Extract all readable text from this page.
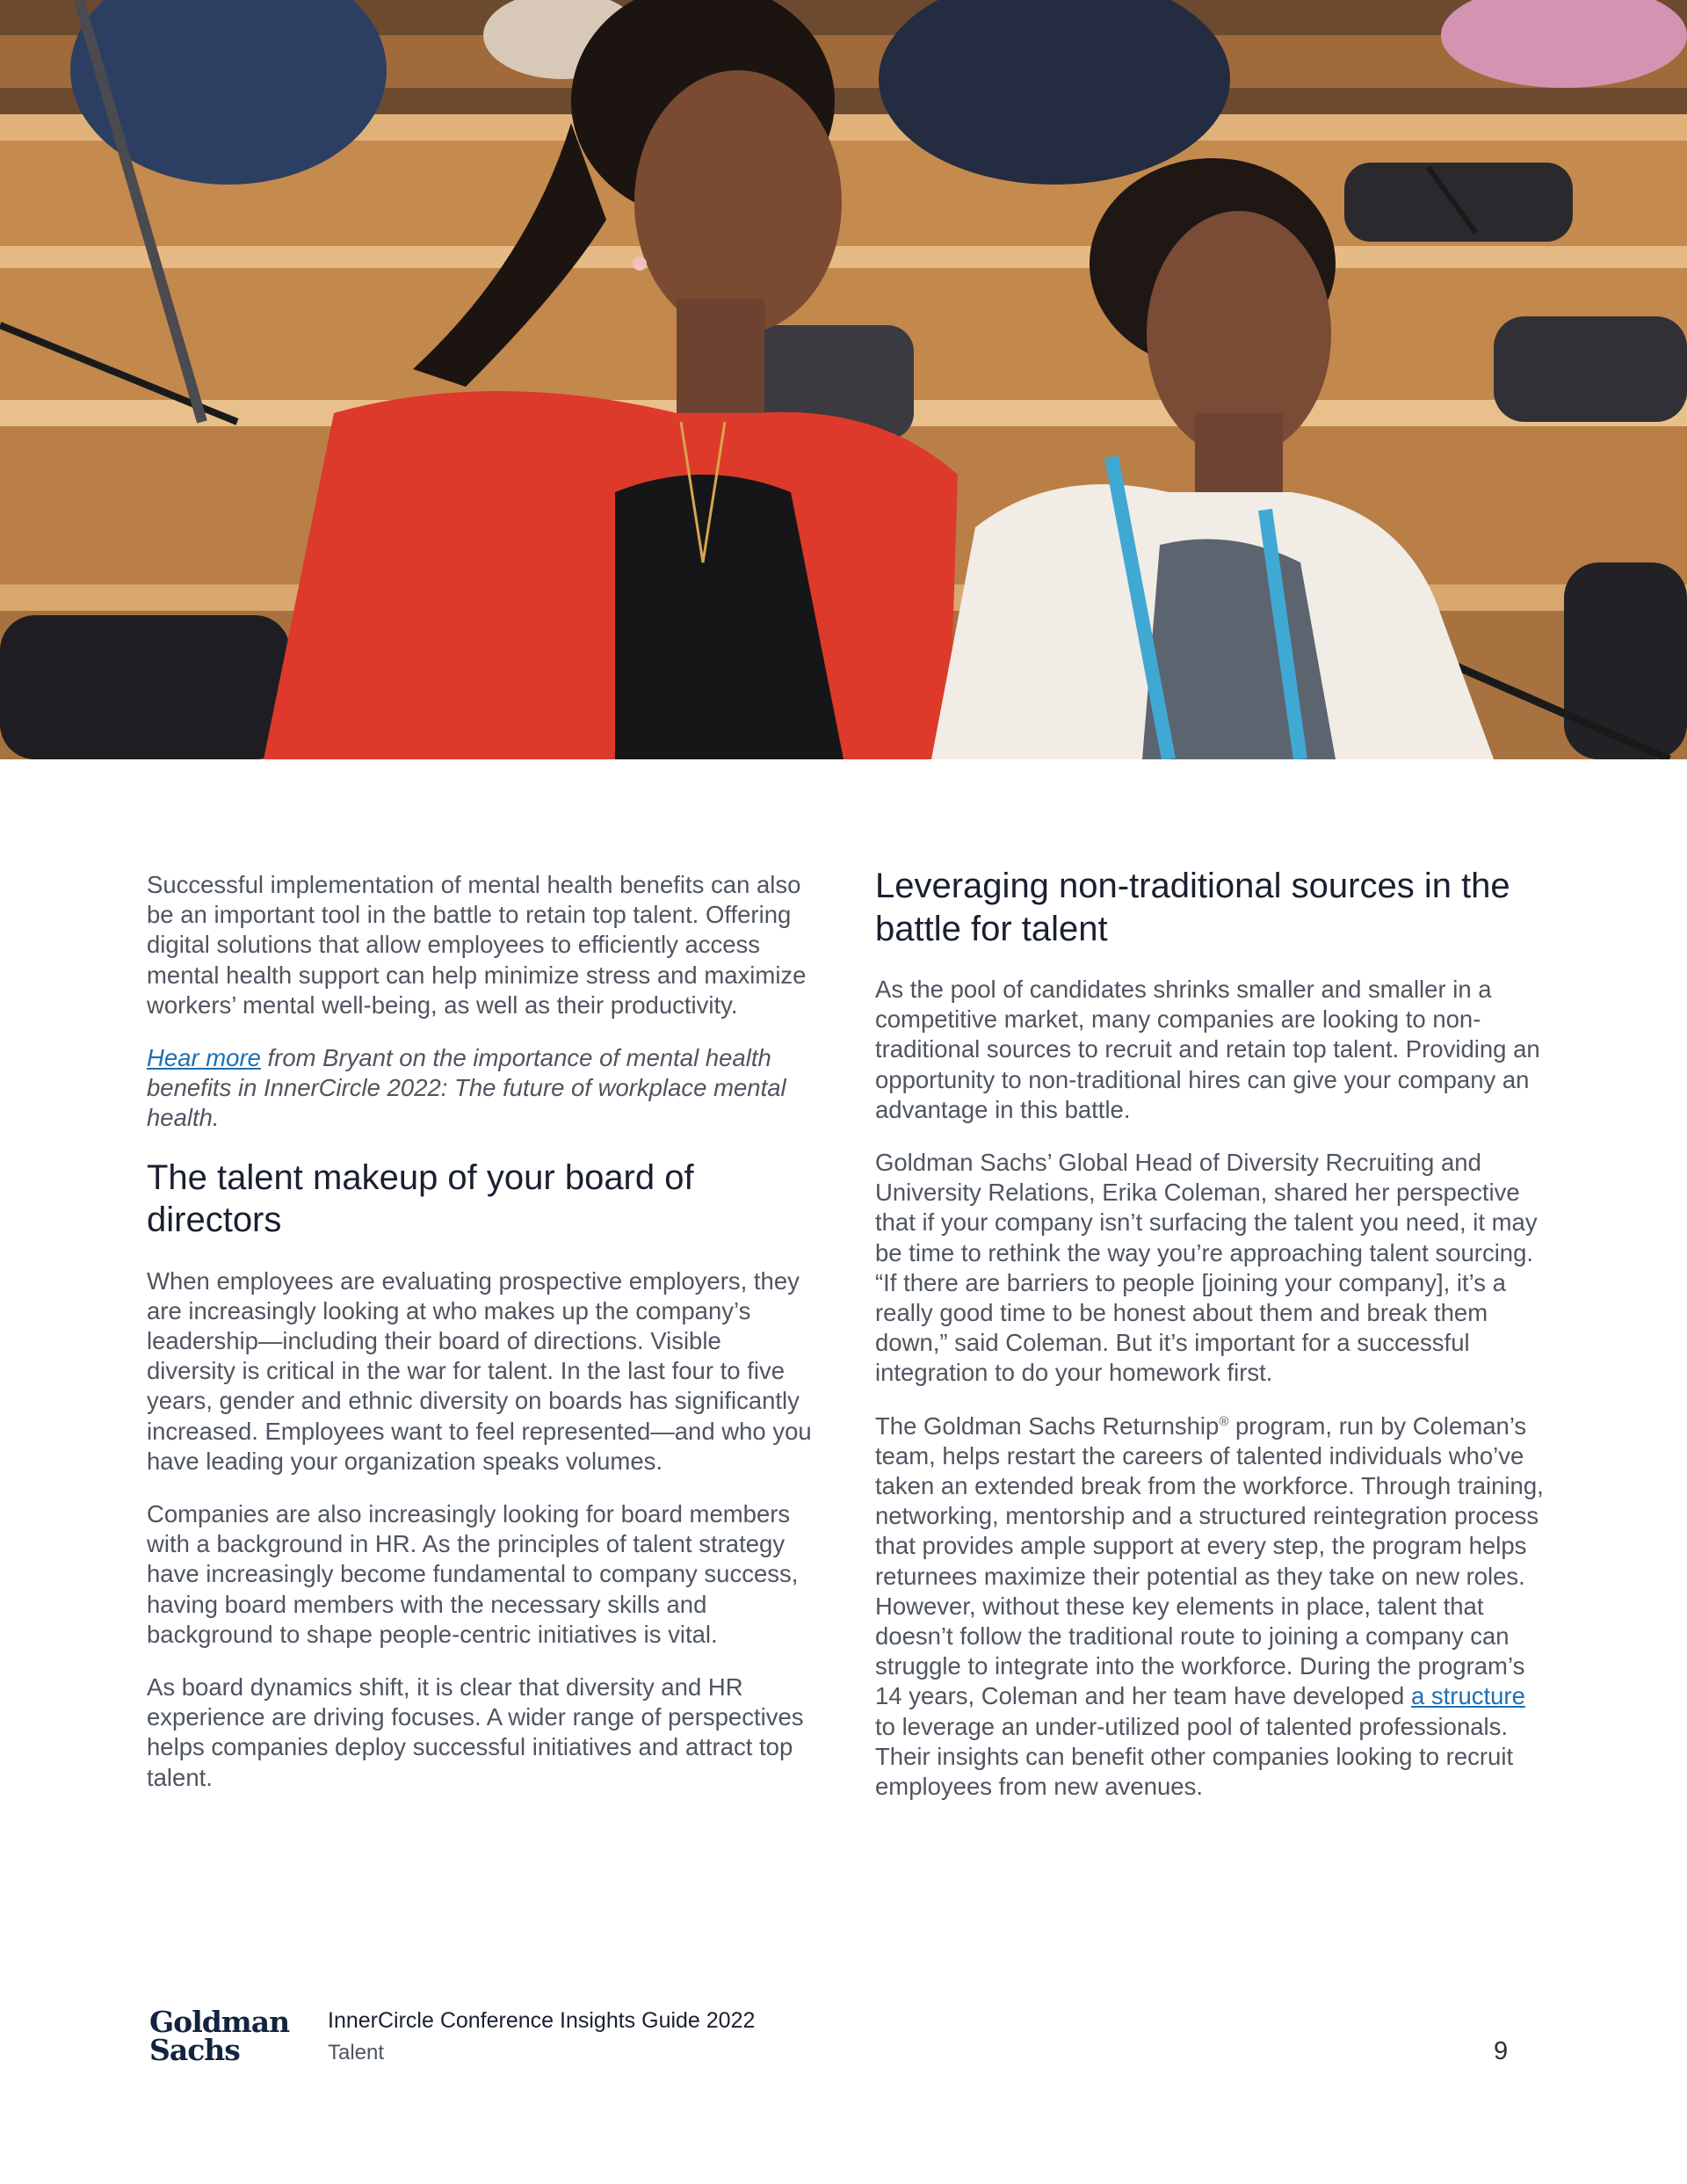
Successful implementation of mental health benefits can also be an important tool in the battle to retain top talent. Offering digital solutions that allow employees to efficiently access mental health support can help minimize stress and maximize workers’ mental well-being, as well as their productivity.

Hear more from Bryant on the importance of mental health benefits in InnerCircle 2022: The future of workplace mental health.

The talent makeup of your board of directors

When employees are evaluating prospective employers, they are increasingly looking at who makes up the company’s leadership—including their board of directions. Visible diversity is critical in the war for talent. In the last four to five years, gender and ethnic diversity on boards has significantly increased. Employees want to feel represented—and who you have leading your organization speaks volumes.

Companies are also increasingly looking for board members with a background in HR. As the principles of talent strategy have increasingly become fundamental to company success, having board members with the necessary skills and background to shape people-centric initiatives is vital.

As board dynamics shift, it is clear that diversity and HR experience are driving focuses. A wider range of perspectives helps companies deploy successful initiatives and attract top talent.

Leveraging non-traditional sources in the battle for talent

As the pool of candidates shrinks smaller and smaller in a competitive market, many companies are looking to non-traditional sources to recruit and retain top talent. Providing an opportunity to non-traditional hires can give your company an advantage in this battle.

Goldman Sachs’ Global Head of Diversity Recruiting and University Relations, Erika Coleman, shared her perspective that if your company isn’t surfacing the talent you need, it may be time to rethink the way you’re approaching talent sourcing. “If there are barriers to people [joining your company], it’s a really good time to be honest about them and break them down,” said Coleman. But it’s important for a successful integration to do your homework first.

The Goldman Sachs Returnship® program, run by Coleman’s team, helps restart the careers of talented individuals who’ve taken an extended break from the workforce. Through training, networking, mentorship and a structured reintegration process that provides ample support at every step, the program helps returnees maximize their potential as they take on new roles. However, without these key elements in place, talent that doesn’t follow the traditional route to joining a company can struggle to integrate into the workforce. During the program’s 14 years, Coleman and her team have developed a structure to leverage an under-utilized pool of talented professionals. Their insights can benefit other companies looking to recruit employees from new avenues.

Goldman
Sachs
InnerCircle Conference Insights Guide 2022
Talent	9
